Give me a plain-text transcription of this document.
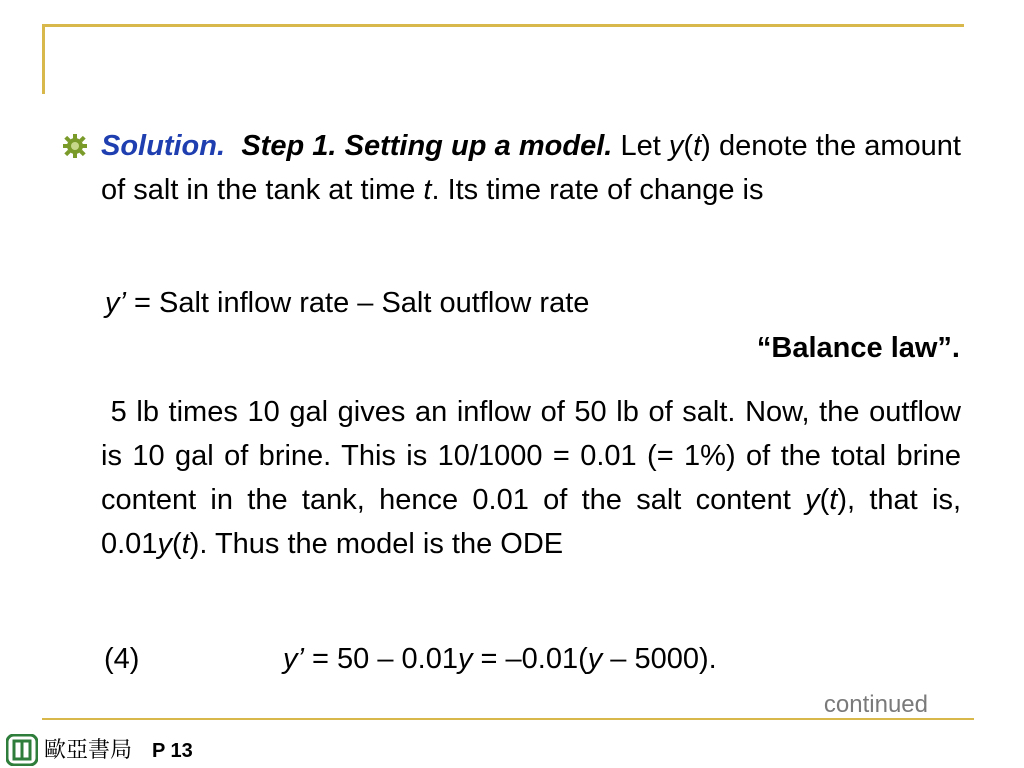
Solution. Step 1. Setting up a model. Let y(t) denote the amount of salt in the tank at time t. Its time rate of change is

y’ = Salt inflow rate – Salt outflow rate
“Balance law”.

5 lb times 10 gal gives an inflow of 50 lb of salt. Now, the outflow is 10 gal of brine. This is 10/1000 = 0.01 (= 1%) of the total brine content in the tank, hence 0.01 of the salt content y(t), that is, 0.01y(t). Thus the model is the ODE

(4)	y’ = 50 – 0.01y = –0.01(y – 5000).
continued
歐亞書局 P 13
